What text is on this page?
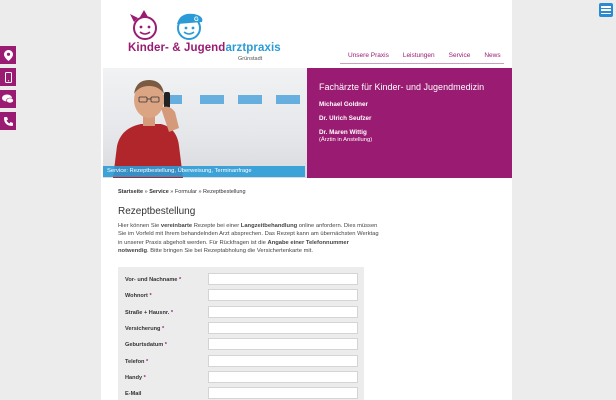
G
Kinder- & Jugendarztpraxis
Grünstadt	Unsere Praxis Leistungen Service News
Service: Rezeptbestellung, Überweisung, Terminanfrage
Fachärzte für Kinder- und Jugendmedizin
Michael Goldner
Dr. Ulrich Seufzer
Dr. Maren Wittig
(Ärztin in Anstellung)
Startseite » Service » Formular » Rezeptbestellung
Rezeptbestellung
Hier können Sie vereinbarte Rezepte bei einer Langzeitbehandlung online anfordern. Dies müssen Sie im Vorfeld mit Ihrem behandelnden Arzt absprechen. Das Rezept kann am übernächsten Werktag in unserer Praxis abgeholt werden. Für Rückfragen ist die Angabe einer Telefonnummer notwendig. Bitte bringen Sie bei Rezeptabholung die Versichertenkarte mit.
Vor- und Nachname *
Wohnort *
Straße + Hausnr. *
Versicherung *
Geburtsdatum *
Telefon *
Handy *
E-Mail
